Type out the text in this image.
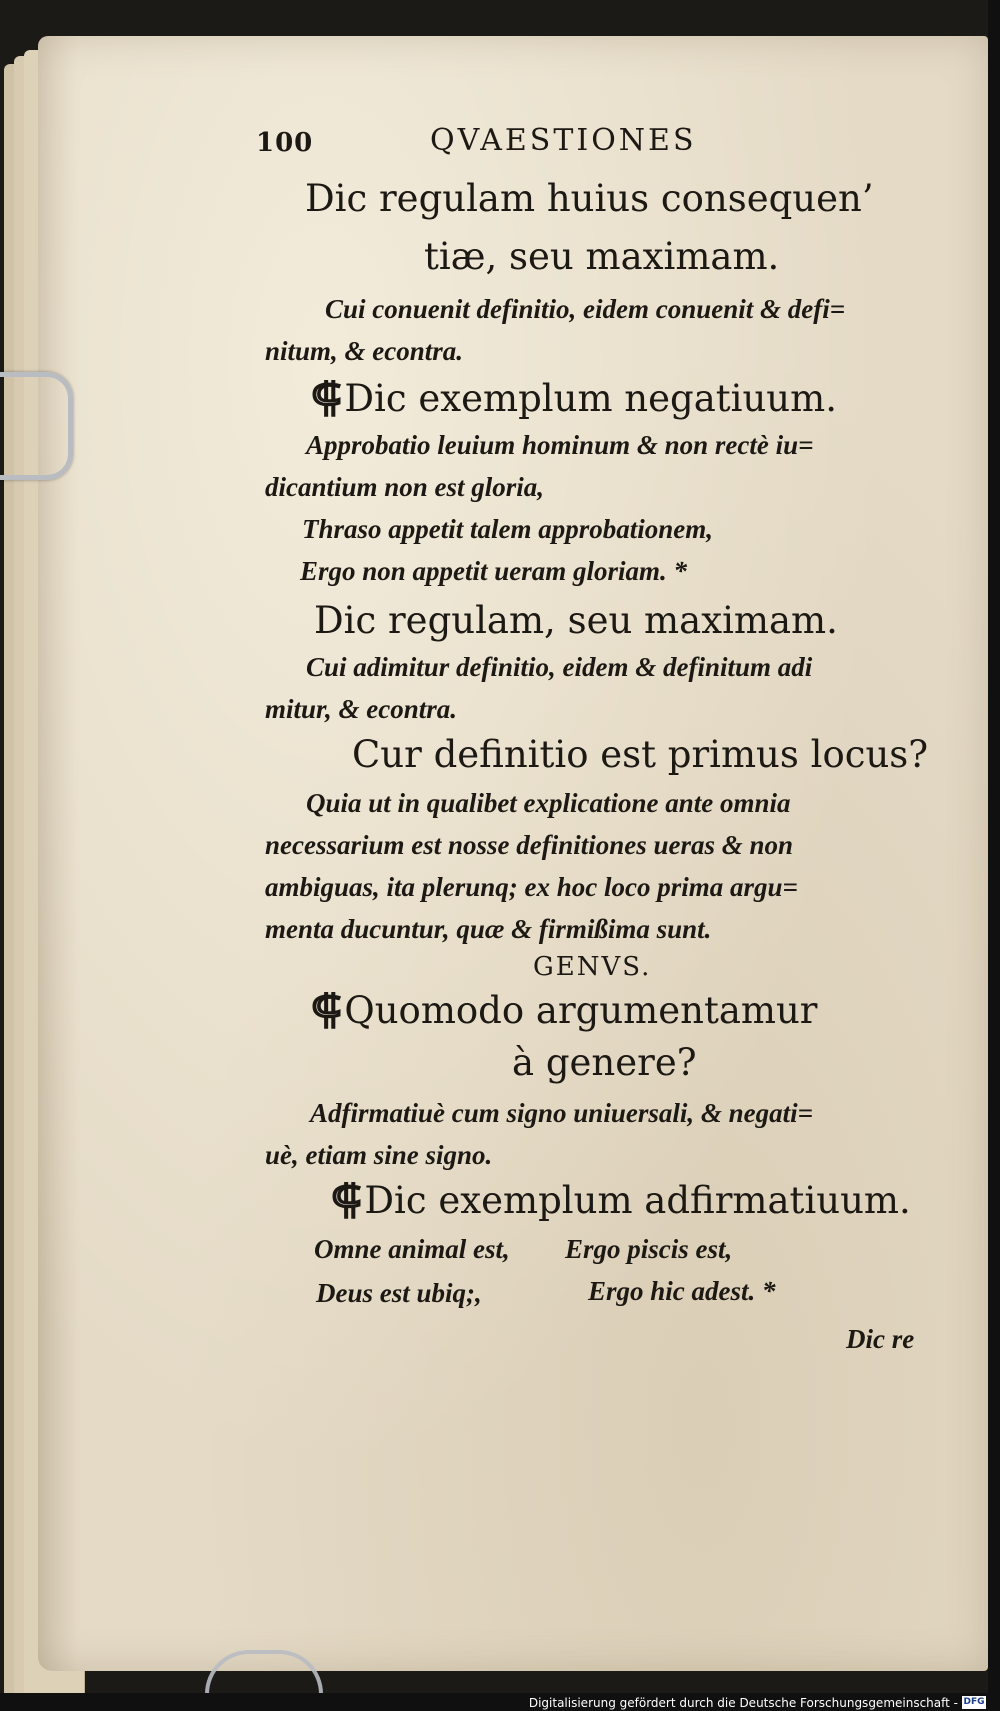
100	QVAESTIONES
Dic regulam huius consequen’
tiæ, seu maximam.
Cui conuenit definitio, eidem conuenit & defi=
nitum, & econtra.
⸿Dic exemplum negatiuum.
Approbatio leuium hominum & non rectè iu=
dicantium non est gloria,
Thraso appetit talem approbationem,
Ergo non appetit ueram gloriam. *
Dic regulam, seu maximam.
Cui adimitur definitio, eidem & definitum adi
mitur, & econtra.
Cur definitio est primus locus?
Quia ut in qualibet explicatione ante omnia
necessarium est nosse definitiones ueras & non
ambiguas, ita plerunq; ex hoc loco prima argu=
menta ducuntur, quæ & firmißima sunt.
GENVS.
⸿Quomodo argumentamur
à genere?
Adfirmatiuè cum signo uniuersali, & negati=
uè, etiam sine signo.
⸿Dic exemplum adfirmatiuum.
Omne animal est, Ergo piscis est,
Deus est ubiq;,	Ergo hic adest. *
Dic re
Digitalisierung gefördert durch die Deutsche Forschungsgemeinschaft - DFG
